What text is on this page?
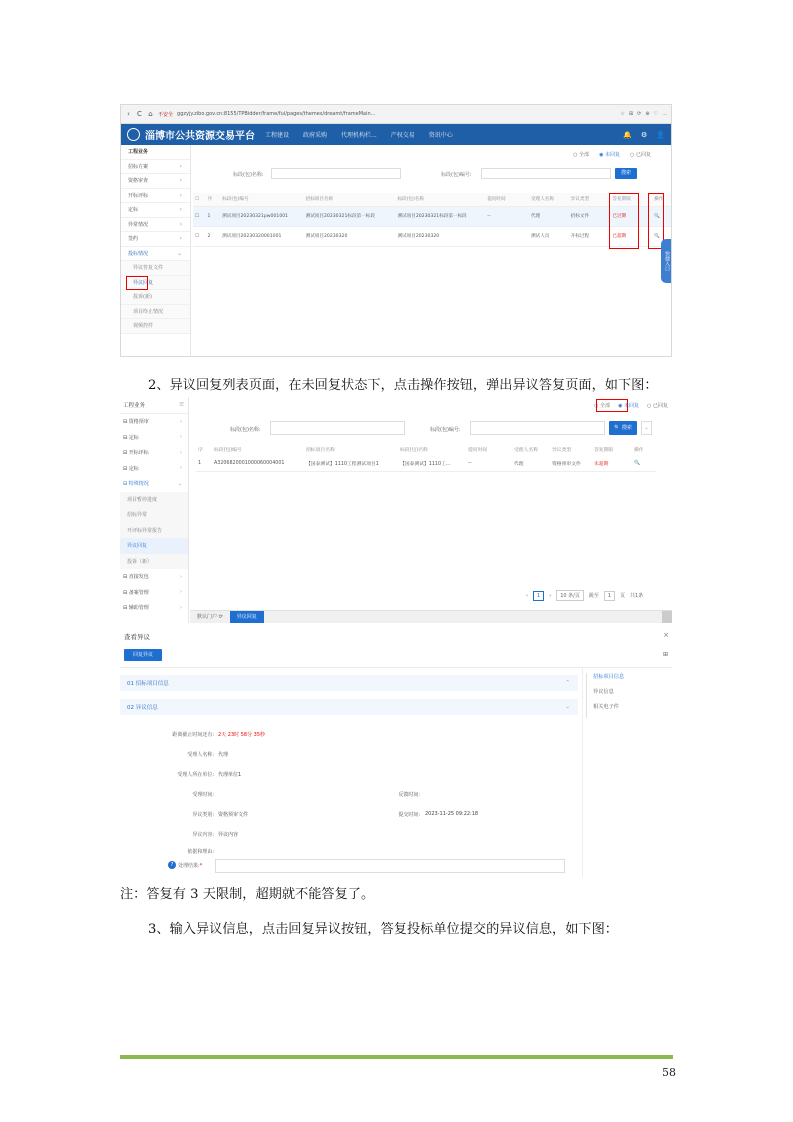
‹ C ⌂ 不安全 ggzyjy.zibo.gov.cn:8155/TPBidder/frame/fui/pages/themes/dreamt/frameMain...	☆ ⊞ ⟳ ⊕ ♡ …
淄博市公共资源交易平台 工程建设 政府采购 代理机构栏... 产权交易 资讯中心	🔔 ⚙ 👤
工程业务
招标方案	›
资格审查	›
开标评标	›
定标	›
异常情况	›
签约	›
投标情况	⌄
异议答复文件
异议回复
投诉(新)
项目终止情况
视频控件
○ 全部 ◉ 未回复 ○ 已回复
标段(包)名称:	标段(包)编号:	搜索
☐	序	标段(包)编号	招标项目名称	标段(包)名称	提问时间	受理人名称	异议类型	答复期限	操作
☐	1	测试项目20230321pw001001	测试项目20230321标段第一标段	测试项目20230321标段第一标段	--	代理	招标文件	已过期	🔍
☐	2	测试项目20230320001001	测试项目20230320	测试项目20230320		测试人员	开标过程	已超期	🔍
快捷入口
2、异议回复列表页面，在未回复状态下，点击操作按钮，弹出异议答复页面，如下图：
工程业务	☰
⊟ 资格预审	›
⊟ 定标	›
⊟ 开标评标	›
⊟ 定标	›
⊟ 特殊情况	⌄
项目暂停进度
招标异常
开评标异常报告
异议回复
投诉（新）
⊟ 直接发包	›
⊟ 备案管理	›
⊟ 辅助管理	›
○ 全部 ◉ 未回复 ○ 已回复
标段(包)名称:	标段(包)编号:	🔍 搜索	⌄
序	标段(包)编号	招标项目名称	标段(包)名称	提问时间	受理人名称	异议类型	答复期限	操作
1	A3206820001000060004001	【国泰测试】1110工程测试项目1	【国泰测试】1110工...	--	代理	资格预审文件	未超期	🔍
‹	1	›	10 条/页	跳至	1	页 共1条
默认门户 ⟳	异议回复
查看异议	×
回复异议	⊞
01 招标项目信息	⌃
02 异议信息	⌄
距离截止时间还有: 2天 23时 58分 35秒
受理人名称: 代理
受理人所在单位: 代理单位1
受理时间:
异议类别: 资格预审文件
异议内容: 异议内容
依据和理由:
反馈时间:
提交时间: 2023-11-25 09:22:18
? 处理结果:*
招标项目信息
异议信息
相关电子件
注：答复有 3 天限制，超期就不能答复了。
3、输入异议信息，点击回复异议按钮，答复投标单位提交的异议信息，如下图：
58
